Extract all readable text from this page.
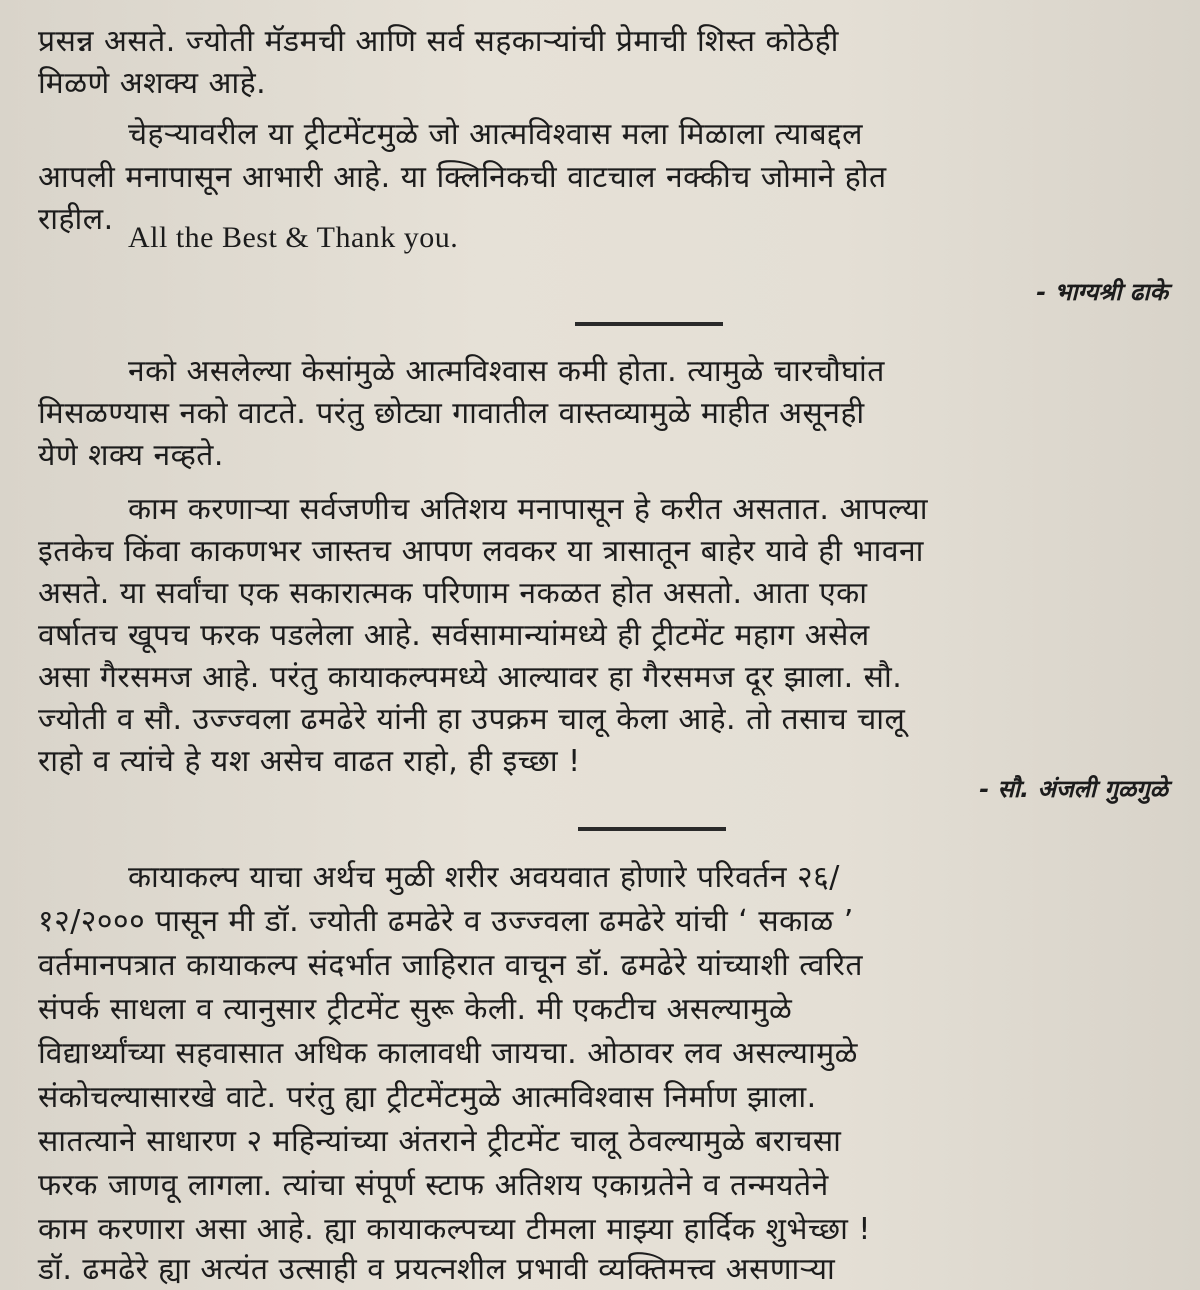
प्रसन्न असते. ज्योती मॅडमची आणि सर्व सहकाऱ्यांची प्रेमाची शिस्त कोठेही
मिळणे अशक्य आहे.
चेहऱ्यावरील या ट्रीटमेंटमुळे जो आत्मविश्वास मला मिळाला त्याबद्दल
आपली मनापासून आभारी आहे. या क्लिनिकची वाटचाल नक्कीच जोमाने होत
राहील.
All the Best & Thank you.
- भाग्यश्री ढाके
नको असलेल्या केसांमुळे आत्मविश्वास कमी होता. त्यामुळे चारचौघांत
मिसळण्यास नको वाटते. परंतु छोट्या गावातील वास्तव्यामुळे माहीत असूनही
येणे शक्य नव्हते.
काम करणाऱ्या सर्वजणीच अतिशय मनापासून हे करीत असतात. आपल्या
इतकेच किंवा काकणभर जास्तच आपण लवकर या त्रासातून बाहेर यावे ही भावना
असते. या सर्वांचा एक सकारात्मक परिणाम नकळत होत असतो. आता एका
वर्षातच खूपच फरक पडलेला आहे. सर्वसामान्यांमध्ये ही ट्रीटमेंट महाग असेल
असा गैरसमज आहे. परंतु कायाकल्पमध्ये आल्यावर हा गैरसमज दूर झाला. सौ.
ज्योती व सौ. उज्ज्वला ढमढेरे यांनी हा उपक्रम चालू केला आहे. तो तसाच चालू
राहो व त्यांचे हे यश असेच वाढत राहो, ही इच्छा !
- सौ. अंजली गुळगुळे
कायाकल्प याचा अर्थच मुळी शरीर अवयवात होणारे परिवर्तन २६/
१२/२००० पासून मी डॉ. ज्योती ढमढेरे व उज्ज्वला ढमढेरे यांची ‘ सकाळ ’
वर्तमानपत्रात कायाकल्प संदर्भात जाहिरात वाचून डॉ. ढमढेरे यांच्याशी त्वरित
संपर्क साधला व त्यानुसार ट्रीटमेंट सुरू केली. मी एकटीच असल्यामुळे
विद्यार्थ्यांच्या सहवासात अधिक कालावधी जायचा. ओठावर लव असल्यामुळे
संकोचल्यासारखे वाटे. परंतु ह्या ट्रीटमेंटमुळे आत्मविश्वास निर्माण झाला.
सातत्याने साधारण २ महिन्यांच्या अंतराने ट्रीटमेंट चालू ठेवल्यामुळे बराचसा
फरक जाणवू लागला. त्यांचा संपूर्ण स्टाफ अतिशय एकाग्रतेने व तन्मयतेने
काम करणारा असा आहे. ह्या कायाकल्पच्या टीमला माझ्या हार्दिक शुभेच्छा !
डॉ. ढमढेरे ह्या अत्यंत उत्साही व प्रयत्नशील प्रभावी व्यक्तिमत्त्व असणाऱ्या
